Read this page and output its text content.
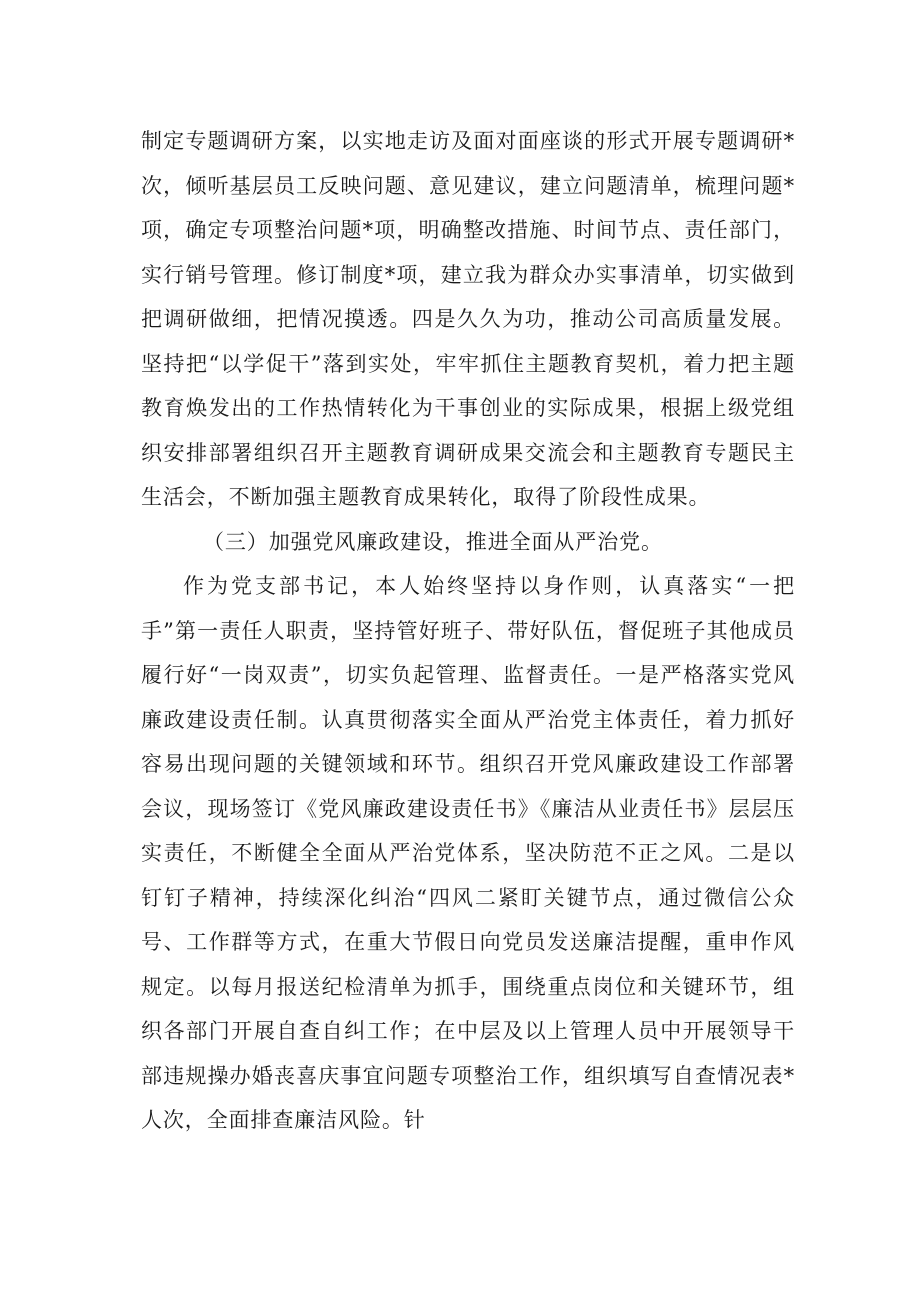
制定专题调研方案，以实地走访及面对面座谈的形式开展专题调研*次，倾听基层员工反映问题、意见建议，建立问题清单，梳理问题*项，确定专项整治问题*项，明确整改措施、时间节点、责任部门，实行销号管理。修订制度*项，建立我为群众办实事清单，切实做到把调研做细，把情况摸透。四是久久为功，推动公司高质量发展。坚持把“以学促干”落到实处，牢牢抓住主题教育契机，着力把主题教育焕发出的工作热情转化为干事创业的实际成果，根据上级党组织安排部署组织召开主题教育调研成果交流会和主题教育专题民主生活会，不断加强主题教育成果转化，取得了阶段性成果。

（三）加强党风廉政建设，推进全面从严治党。

作为党支部书记，本人始终坚持以身作则，认真落实“一把手”第一责任人职责，坚持管好班子、带好队伍，督促班子其他成员履行好“一岗双责”，切实负起管理、监督责任。一是严格落实党风廉政建设责任制。认真贯彻落实全面从严治党主体责任，着力抓好容易出现问题的关键领域和环节。组织召开党风廉政建设工作部署会议，现场签订《党风廉政建设责任书》《廉洁从业责任书》层层压实责任，不断健全全面从严治党体系，坚决防范不正之风。二是以钉钉子精神，持续深化纠治“四风二紧盯关键节点，通过微信公众号、工作群等方式，在重大节假日向党员发送廉洁提醒，重申作风规定。以每月报送纪检清单为抓手，围绕重点岗位和关键环节，组织各部门开展自查自纠工作；在中层及以上管理人员中开展领导干部违规操办婚丧喜庆事宜问题专项整治工作，组织填写自查情况表*人次，全面排查廉洁风险。针
